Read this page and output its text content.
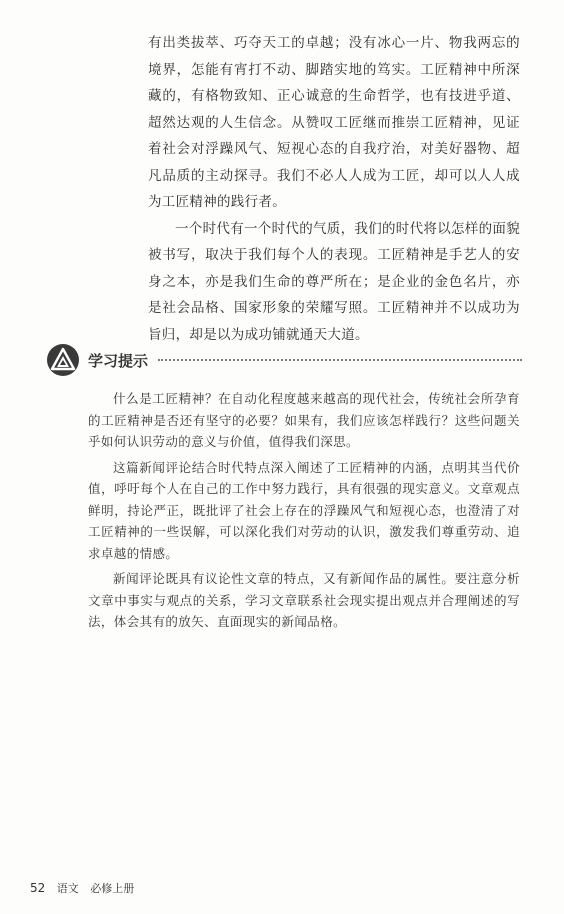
有出类拔萃、巧夺天工的卓越；没有冰心一片、物我两忘的境界，怎能有宵打不动、脚踏实地的笃实。工匠精神中所深藏的，有格物致知、正心诚意的生命哲学，也有技进乎道、超然达观的人生信念。从赞叹工匠继而推崇工匠精神，见证着社会对浮躁风气、短视心态的自我疗治，对美好器物、超凡品质的主动探寻。我们不必人人成为工匠，却可以人人成为工匠精神的践行者。

一个时代有一个时代的气质，我们的时代将以怎样的面貌被书写，取决于我们每个人的表现。工匠精神是手艺人的安身之本，亦是我们生命的尊严所在；是企业的金色名片，亦是社会品格、国家形象的荣耀写照。工匠精神并不以成功为旨归，却是以为成功铺就通天大道。

学习提示

什么是工匠精神？在自动化程度越来越高的现代社会，传统社会所孕育的工匠精神是否还有坚守的必要？如果有，我们应该怎样践行？这些问题关乎如何认识劳动的意义与价值，值得我们深思。

这篇新闻评论结合时代特点深入阐述了工匠精神的内涵，点明其当代价值，呼吁每个人在自己的工作中努力践行，具有很强的现实意义。文章观点鲜明，持论严正，既批评了社会上存在的浮躁风气和短视心态，也澄清了对工匠精神的一些误解，可以深化我们对劳动的认识，激发我们尊重劳动、追求卓越的情感。

新闻评论既具有议论性文章的特点，又有新闻作品的属性。要注意分析文章中事实与观点的关系，学习文章联系社会现实提出观点并合理阐述的写法，体会其有的放矢、直面现实的新闻品格。

52 语文 必修上册
